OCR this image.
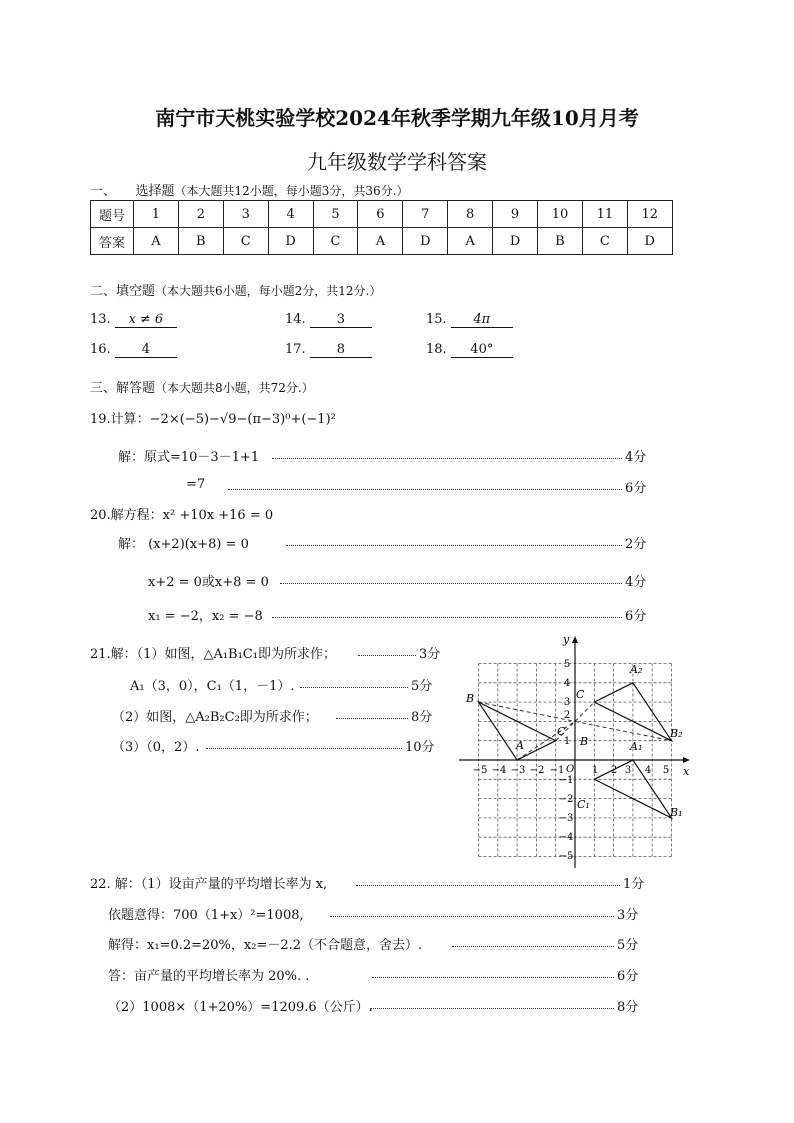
南宁市天桃实验学校2024年秋季学期九年级10月月考
九年级数学学科答案
一、　　选择题（本大题共12小题，每小题3分，共36分.）
题号	1	2	3	4	5	6	7	8	9	10	11	12
答案	A	B	C	D	C	A	D	A	D	B	C	D
二、填空题（本大题共6小题，每小题2分，共12分.）
13. x ≠ 6	14. 3	15. 4π
16. 4	17. 8	18. 40°
三、解答题（本大题共8小题，共72分.）
19.计算：−2×(−5)−√9−(π−3)⁰+(−1)²
解：原式=10－3－1+1	4分
=7	6分
20.解方程：x² +10x +16 = 0
解： (x+2)(x+8) = 0	2分
x+2 = 0或x+8 = 0	4分
x₁ = −2，x₂ = −8	6分
21.解：（1）如图，△A₁B₁C₁即为所求作；	3分
A₁（3，0），C₁（1，－1）.	5分
（2）如图，△A₂B₂C₂即为所求作；	8分
（3）（0，2）.	10分
x
y
O
−5 −4 −3 −2 −1	1 2 3 4 5
5
4
3
2
1
−1
−2
−3
−4
−5
B
A
C
B
C
A₂
B₂
A₁
C₁
B₁
22. 解：（1）设亩产量的平均增长率为 x,	1分
依题意得：700（1+x）²=1008,	3分
解得：x₁=0.2=20%，x₂=－2.2（不合题意，舍去）.	5分
答：亩产量的平均增长率为 20%. .	6分
（2）1008×（1+20%）=1209.6（公斤）.	8分
